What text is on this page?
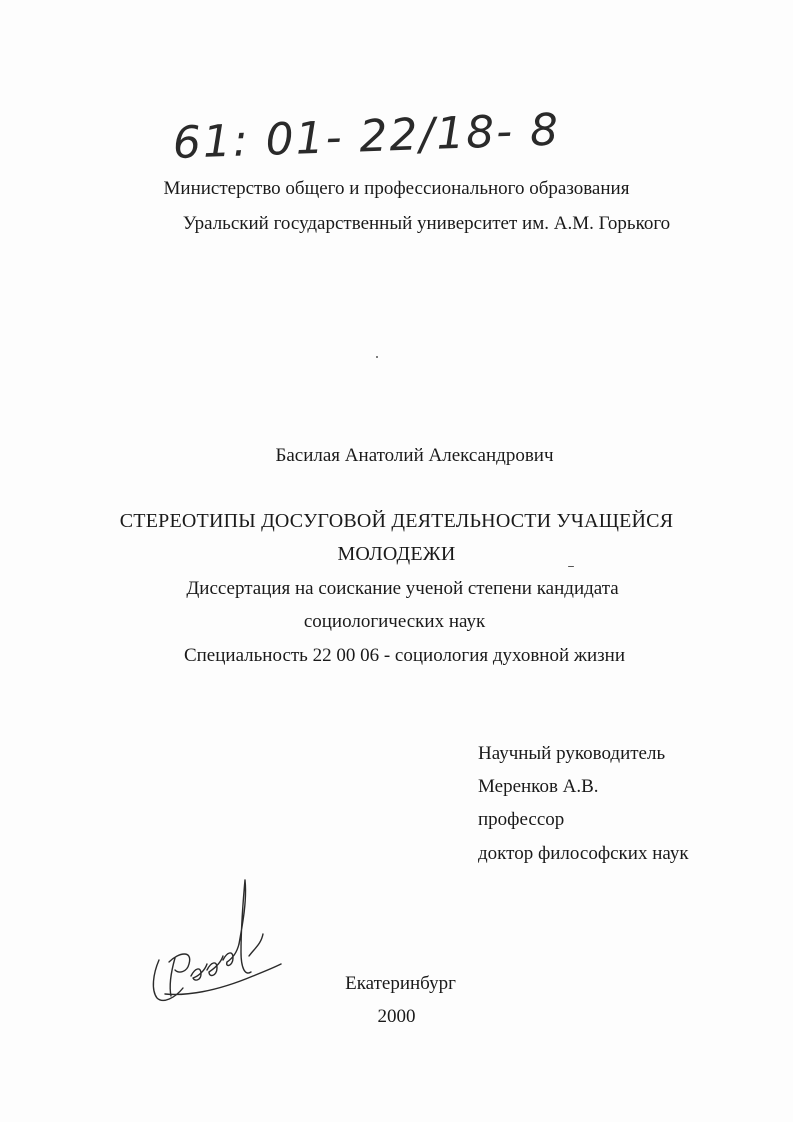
61: 01- 22/18- 8
Министерство общего и профессионального образования
Уральский государственный университет им. А.М. Горького
Басилая Анатолий Александрович
СТЕРЕОТИПЫ ДОСУГОВОЙ ДЕЯТЕЛЬНОСТИ УЧАЩЕЙСЯ
МОЛОДЕЖИ
Диссертация на соискание ученой степени кандидата
социологических наук
Специальность 22 00 06 - социология духовной жизни
Научный руководитель
Меренков А.В.
профессор
доктор философских наук
Екатеринбург
2000
